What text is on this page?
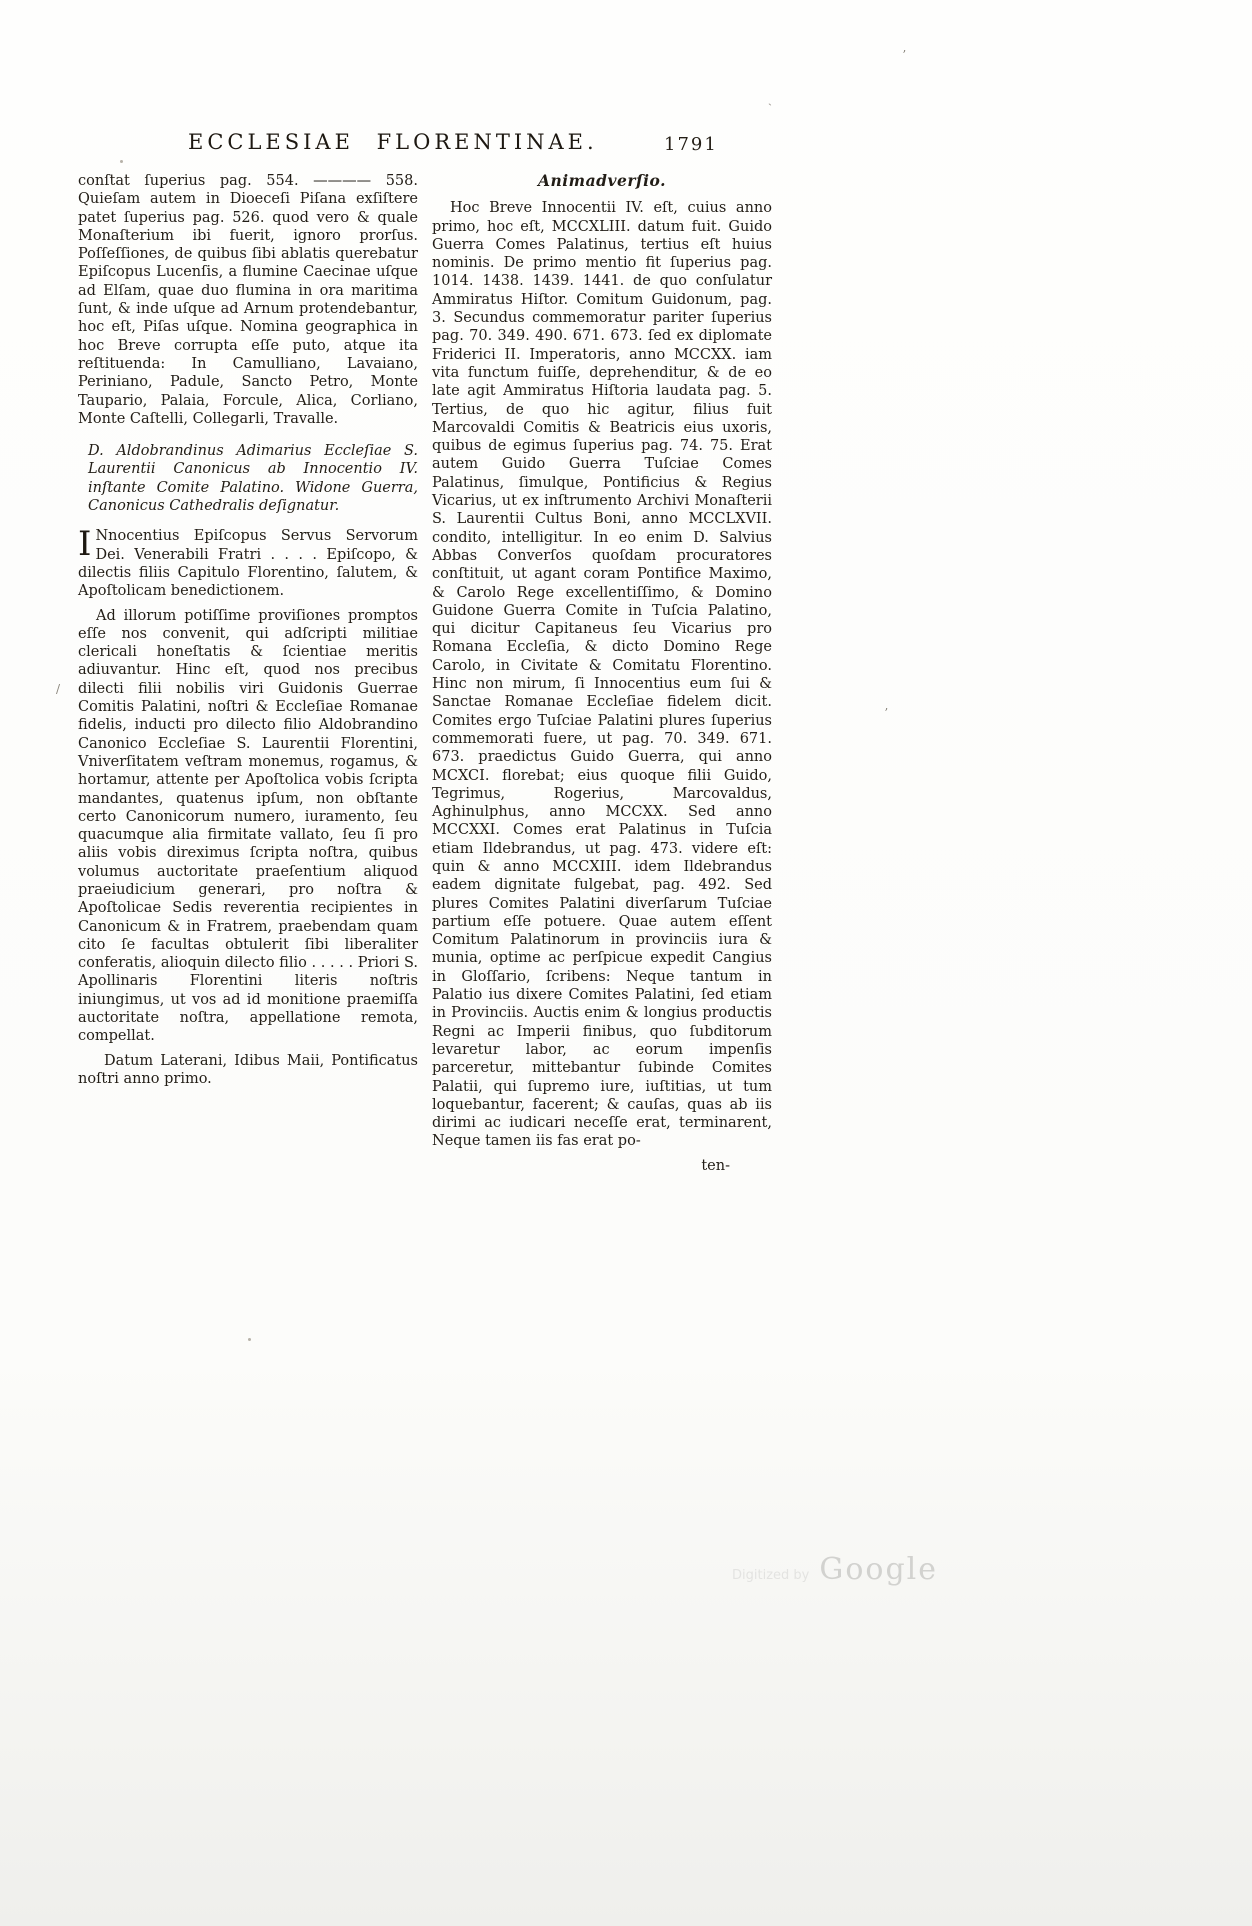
ECCLESIAE FLORENTINAE.	1791

conſtat ſuperius pag. 554. ———— 558. Quieſam autem in Dioeceſi Piſana exſiſtere patet ſuperius pag. 526. quod vero & quale Monaſterium ibi fuerit, ignoro prorſus. Poſſeſſiones, de quibus ſibi ablatis querebatur Epiſcopus Lucenſis, a flumine Caecinae uſque ad Elſam, quae duo flumina in ora maritima ſunt, & inde uſque ad Arnum protendebantur, hoc eſt, Piſas uſque. Nomina geographica in hoc Breve corrupta eſſe puto, atque ita reſtituenda: In Camulliano, Lavaiano, Periniano, Padule, Sancto Petro, Monte Taupario, Palaia, Forcule, Alica, Corliano, Monte Caſtelli, Collegarli, Travalle.

D. Aldobrandinus Adimarius Eccleſiae S. Laurentii Canonicus ab Innocentio IV. inſtante Comite Palatino. Widone Guerra, Canonicus Cathedralis deſignatur.

I Nnocentius Epiſcopus Servus Servorum Dei. Venerabili Fratri . . . . Epiſcopo, & dilectis filiis Capitulo Florentino, ſalutem, & Apoſtolicam benedictionem.

Ad illorum potiſſime proviſiones promptos eſſe nos convenit, qui adſcripti militiae clericali honeſtatis & ſcientiae meritis adiuvantur. Hinc eſt, quod nos precibus dilecti filii nobilis viri Guidonis Guerrae Comitis Palatini, noſtri & Eccleſiae Romanae fidelis, inducti pro dilecto filio Aldobrandino Canonico Eccleſiae S. Laurentii Florentini, Vniverſitatem veſtram monemus, rogamus, & hortamur, attente per Apoſtolica vobis ſcripta mandantes, quatenus ipſum, non obſtante certo Canonicorum numero, iuramento, ſeu quacumque alia firmitate vallato, ſeu ſi pro aliis vobis direximus ſcripta noſtra, quibus volumus auctoritate praeſentium aliquod praeiudicium generari, pro noſtra & Apoſtolicae Sedis reverentia recipientes in Canonicum & in Fratrem, praebendam quam cito ſe facultas obtulerit ſibi liberaliter conferatis, alioquin dilecto filio . . . . . Priori S. Apollinaris Florentini literis noſtris iniungimus, ut vos ad id monitione praemiſſa auctoritate noſtra, appellatione remota, compellat.

Datum Laterani, Idibus Maii, Pontificatus noſtri anno primo.

Animadverſio.

Hoc Breve Innocentii IV. eſt, cuius anno primo, hoc eſt, MCCXLIII. datum fuit. Guido Guerra Comes Palatinus, tertius eſt huius nominis. De primo mentio fit ſuperius pag. 1014. 1438. 1439. 1441. de quo conſulatur Ammiratus Hiſtor. Comitum Guidonum, pag. 3. Secundus commemoratur pariter ſuperius pag. 70. 349. 490. 671. 673. ſed ex diplomate Friderici II. Imperatoris, anno MCCXX. iam vita functum fuiſſe, deprehenditur, & de eo late agit Ammiratus Hiſtoria laudata pag. 5. Tertius, de quo hic agitur, filius fuit Marcovaldi Comitis & Beatricis eius uxoris, quibus de egimus ſuperius pag. 74. 75. Erat autem Guido Guerra Tuſciae Comes Palatinus, ſimulque, Pontificius & Regius Vicarius, ut ex inſtrumento Archivi Monaſterii S. Laurentii Cultus Boni, anno MCCLXVII. condito, intelligitur. In eo enim D. Salvius Abbas Converſos quoſdam procuratores conſtituit, ut agant coram Pontifice Maximo, & Carolo Rege excellentiſſimo, & Domino Guidone Guerra Comite in Tuſcia Palatino, qui dicitur Capitaneus ſeu Vicarius pro Romana Eccleſia, & dicto Domino Rege Carolo, in Civitate & Comitatu Florentino. Hinc non mirum, ſi Innocentius eum ſui & Sanctae Romanae Eccleſiae fidelem dicit. Comites ergo Tuſciae Palatini plures ſuperius commemorati fuere, ut pag. 70. 349. 671. 673. praedictus Guido Guerra, qui anno MCXCI. florebat; eius quoque filii Guido, Tegrimus, Rogerius, Marcovaldus, Aghinulphus, anno MCCXX. Sed anno MCCXXI. Comes erat Palatinus in Tuſcia etiam Ildebrandus, ut pag. 473. videre eſt: quin & anno MCCXIII. idem Ildebrandus eadem dignitate fulgebat, pag. 492. Sed plures Comites Palatini diverſarum Tuſciae partium eſſe potuere. Quae autem eſſent Comitum Palatinorum in provinciis iura & munia, optime ac perſpicue expedit Cangius in Gloſſario, ſcribens: Neque tantum in Palatio ius dixere Comites Palatini, ſed etiam in Provinciis. Auctis enim & longius productis Regni ac Imperii finibus, quo ſubditorum levaretur labor, ac eorum impenſis parceretur, mittebantur ſubinde Comites Palatii, qui ſupremo iure, iuſtitias, ut tum loquebantur, facerent; & cauſas, quas ab iis dirimi ac iudicari neceſſe erat, terminarent, Neque tamen iis fas erat po-

ten-
ʼ
ˎ
ʼ
/
Digitized by Google
